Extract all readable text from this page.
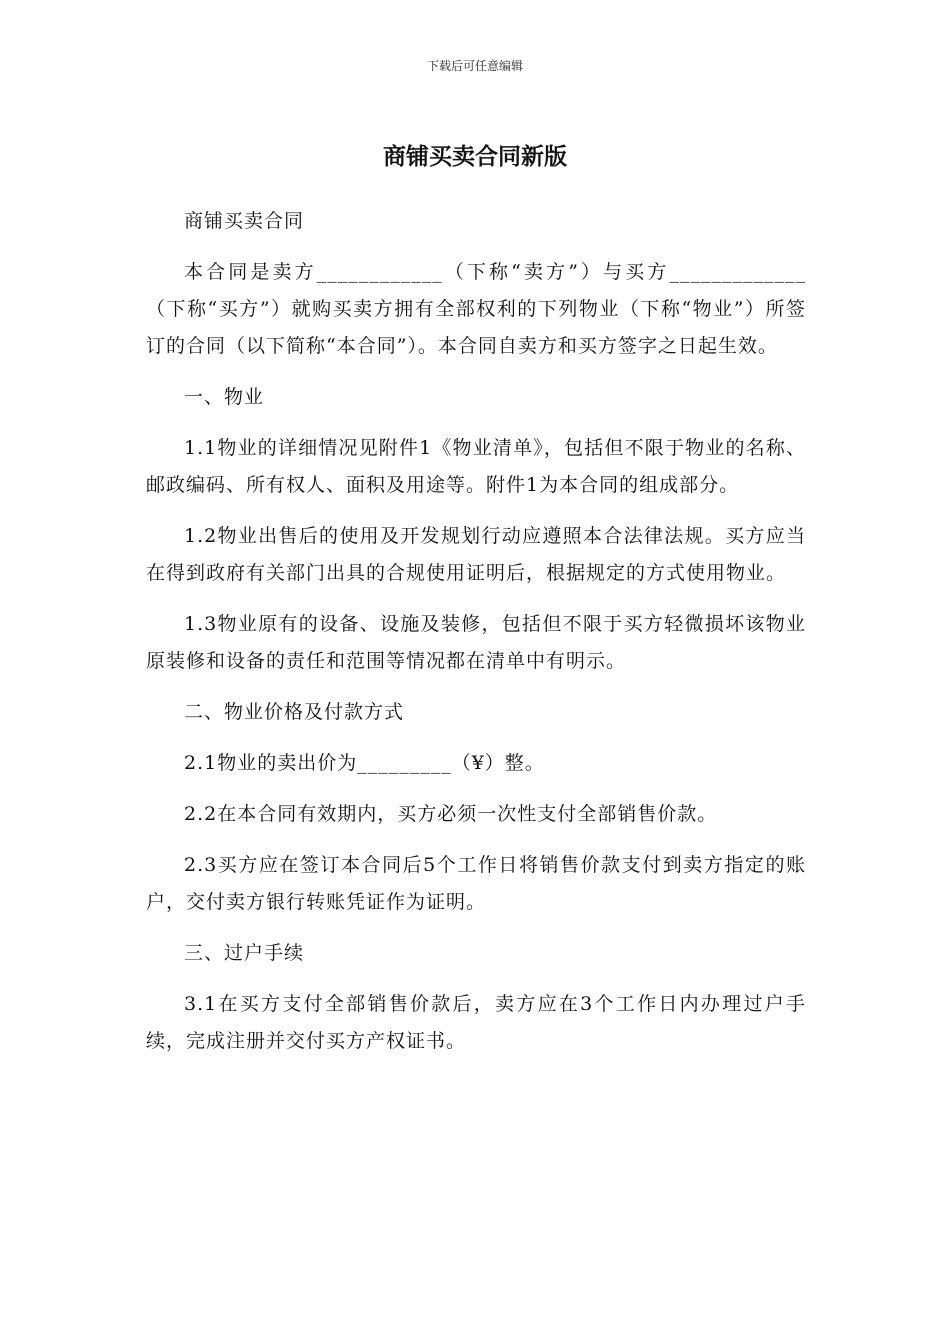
下载后可任意编辑
商铺买卖合同新版

商铺买卖合同

本合同是卖方____________（下称“卖方”）与买方_____________（下称“买方”）就购买卖方拥有全部权利的下列物业（下称“物业”）所签订的合同（以下简称“本合同”）。本合同自卖方和买方签字之日起生效。

一、物业

1.1物业的详细情况见附件1《物业清单》，包括但不限于物业的名称、邮政编码、所有权人、面积及用途等。附件1为本合同的组成部分。

1.2物业出售后的使用及开发规划行动应遵照本合法律法规。买方应当在得到政府有关部门出具的合规使用证明后，根据规定的方式使用物业。

1.3物业原有的设备、设施及装修，包括但不限于买方轻微损坏该物业原装修和设备的责任和范围等情况都在清单中有明示。

二、物业价格及付款方式

2.1物业的卖出价为_________（¥）整。

2.2在本合同有效期内，买方必须一次性支付全部销售价款。

2.3买方应在签订本合同后5个工作日将销售价款支付到卖方指定的账户，交付卖方银行转账凭证作为证明。

三、过户手续

3.1在买方支付全部销售价款后，卖方应在3个工作日内办理过户手续，完成注册并交付买方产权证书。
